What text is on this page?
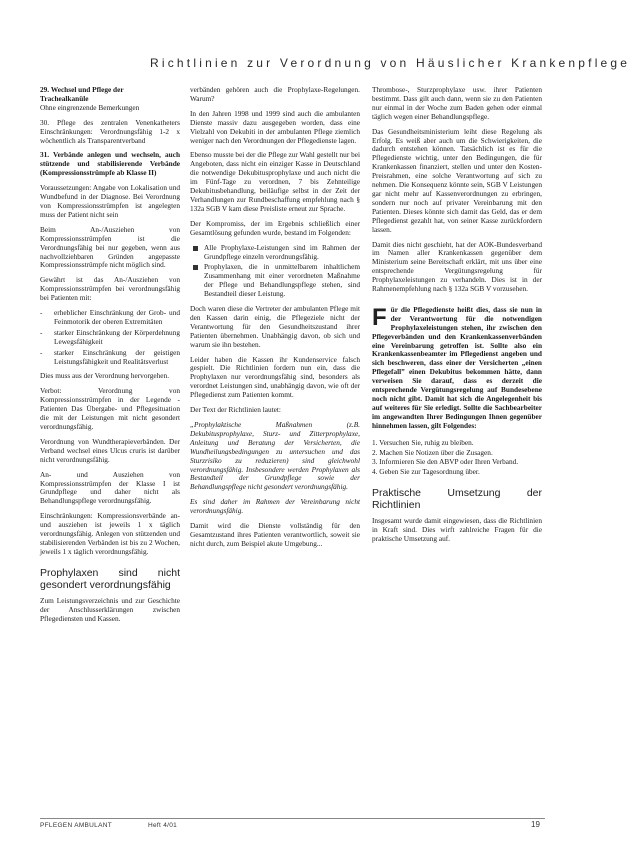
Richtlinien zur Verordnung von Häuslicher Krankenpflege

29. Wechsel und Pflege der

Trachealkanüle

Ohne eingrenzende Bemerkungen

30. Pflege des zentralen Venenkatheters Einschränkungen: Verordnungsfähig 1-2 x wöchentlich als Transparentverband

31. Verbände anlegen und wechseln, auch stützende und stabilisierende Verbände (Kompressionsstrümpfe ab Klasse II)

Voraussetzungen: Angabe von Lokalisation und Wundbefund in der Diagnose. Bei Verordnung von Kompressionsstrümpfen ist angelegten muss der Patient nicht sein

Beim An-/Ausziehen von Kompressionsstrümpfen ist die Verordnungsfähig bei nur gegeben, wenn aus nachvollziehbaren Gründen angepasste Kompressionsstrümpfe nicht möglich sind.

Gewährt ist das An-/Ausziehen von Kompressionsstrümpfen bei verordnungsfähig bei Patienten mit:

- erheblicher Einschränkung der Grob- und Feinmotorik der oberen Extremitäten
- starker Einschränkung der Körperdehnung Lewegsfähigkeit
- starker Einschränkung der geistigen Leistungsfähigkeit und Realitätsverlust

Dies muss aus der Verordnung hervorgehen.

Verbot: Verordnung von Kompressionsstrümpfen in der Legende - Patienten Das Übergabe- und Pflegesituation die mit der Leistungen mit nicht gesondert verordnungsfähig.

Verordnung von Wundtherapieverbänden. Der Verband wechsel eines Ulcus cruris ist darüber nicht verordnungsfähig.

An- und Ausziehen von Kompressionsstrümpfen der Klasse I ist Grundpflege und daher nicht als Behandlungspflege verordnungsfähig.

Einschränkungen: Kompressionsverbände an- und ausziehen ist jeweils 1 x täglich verordnungsfähig. Anlegen von stützenden und stabilisierenden Verbänden ist bis zu 2 Wochen, jeweils 1 x täglich verordnungsfähig.

Prophylaxen sind nicht gesondert verordnungsfähig

Zum Leistungsverzeichnis und zur Geschichte der Anschlusserklärungen zwischen Pflegediensten und Kassen.

verbänden gehören auch die Prophylaxe-Regelungen. Warum?

In den Jahren 1998 und 1999 sind auch die ambulanten Dienste massiv dazu ausgegeben worden, dass eine Vielzahl von Dekubiti in der ambulanten Pflege ziemlich weniger nach den Verordnungen der Pflegedienste lagen.

Ebenso musste bei der die Pflege zur Wahl gestellt nur bei Angeboten, dass nicht ein einziger Kasse in Deutschland die notwendige Dekubitusprophylaxe und auch nicht die im Fünf-Tage zu verordnen, 7 bis Zehnteilige Dekubitusbehandlung, beiläufige selbst in der Zeit der Verhandlungen zur Rundbeschaffung empfehlung nach § 132a SGB V kam diese Preisliste erneut zur Sprache.

Der Kompromiss, der im Ergebnis schließlich einer Gesamtlösung gefunden wurde, bestand im Folgenden:

Alle Prophylaxe-Leistungen sind im Rahmen der Grundpflege einzeln verordnungsfähig.
Prophylaxen, die in unmittelbarem inhaltlichem Zusammenhang mit einer verordneten Maßnahme der Pflege und Behandlungspflege stehen, sind Bestandteil dieser Leistung.

Doch waren diese die Vertreter der ambulanten Pflege mit den Kassen darin einig, die Pflegeziele nicht der Verantwortung für den Gesundheitszustand ihrer Patienten übernehmen. Unabhängig davon, ob sich und warum sie ihn bestehen.

Leider haben die Kassen ihr Kundenservice falsch gespielt. Die Richtlinien fordern nun ein, dass die Prophylaxen nur verordnungsfähig sind, besonders als verordnet Leistungen sind, unabhängig davon, wie oft der Pflegedienst zum Patienten kommt.

Der Text der Richtlinien lautet:

„Prophylaktische Maßnahmen (z.B. Dekubitusprophylaxe, Sturz- und Zitterprophylaxe, Anleitung und Beratung der Versicherten, die Wundheilungsbedingungen zu untersuchen und das Sturzrisiko zu reduzieren) sind gleichwohl verordnungsfähig. Insbesondere werden Prophylaxen als Bestandteil der Grundpflege sowie der Behandlungspflege nicht gesondert verordnungsfähig.

Es sind daher im Rahmen der Vereinbarung nicht verordnungsfähig.

Damit wird die Dienste vollständig für den Gesamtzustand ihres Patienten verantwortlich, soweit sie nicht durch, zum Beispiel akute Umgebung...

Thrombose-, Sturzprophylaxe usw. ihrer Patienten bestimmt. Dass gilt auch dann, wenn sie zu den Patienten nur einmal in der Woche zum Baden gehen oder einmal täglich wegen einer Behandlungspflege.

Das Gesundheitsministerium leiht diese Regelung als Erfolg. Es weiß aber auch um die Schwierigkeiten, die dadurch entstehen können. Tatsächlich ist es für die Pflegedienste wichtig, unter den Bedingungen, die für Krankenkassen finanziert, stellen und unter den Kosten-Preisrahmen, eine solche Verantwortung auf sich zu nehmen. Die Konsequenz könnte sein, SGB V Leistungen gar nicht mehr auf Kassenverordnungen zu erbringen, sondern nur noch auf privater Vereinbarung mit den Patienten. Dieses könnte sich damit das Geld, das er dem Pflegedienst gezahlt hat, von seiner Kasse zurückfordern lassen.

Damit dies nicht geschieht, hat der AOK-Bundesverband im Namen aller Krankenkassen gegenüber dem Ministerium seine Bereitschaft erklärt, mit uns über eine entsprechende Vergütungsregelung für Prophylaxeleistungen zu verhandeln. Dies ist in der Rahmenempfehlung nach § 132a SGB V vorzusehen.

Für die Pflegedienste heißt dies, dass sie nun in der Verantwortung für die notwendigen Prophylaxeleistungen stehen, ihr zwischen den Pflegeverbänden und den Krankenkassenverbänden eine Vereinbarung getroffen ist. Sollte also ein Krankenkassenbeamter im Pflegedienst angeben und sich beschweren, dass einer der Versicherten „einen Pflegefall” einen Dekubitus bekommen hätte, dann verweisen Sie darauf, dass es derzeit die entsprechende Vergütungsregelung auf Bundesebene noch nicht gibt. Damit hat sich die Angelegenheit bis auf weiteres für Sie erledigt. Sollte die Sachbearbeiter im angewandten Ihrer Bedingungen Ihnen gegenüber hinnehmen lassen, gilt Folgendes:
1. Versuchen Sie, ruhig zu bleiben.
2. Machen Sie Notizen über die Zusagen.
3. Informieren Sie den ABVP oder Ihren Verband.
4. Geben Sie zur Tagesordnung über.
Praktische Umsetzung der Richtlinien

Insgesamt wurde damit eingewiesen, dass die Richtlinien in Kraft sind. Dies wirft zahlreiche Fragen für die praktische Umsetzung auf.

PFLEGEN AMBULANT	Heft 4/01	19
